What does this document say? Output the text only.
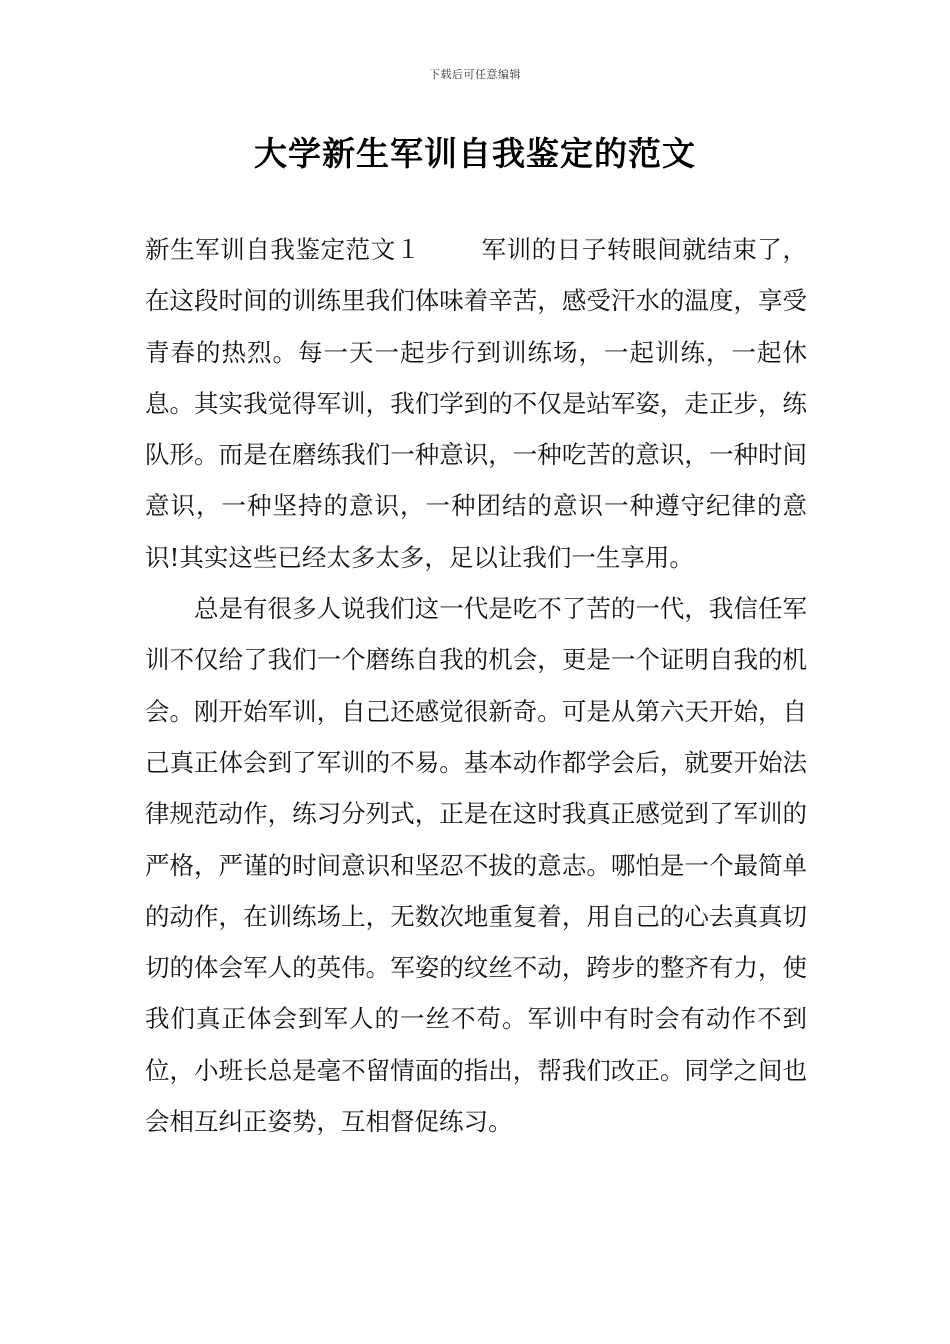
下载后可任意编辑
大学新生军训自我鉴定的范文

新生军训自我鉴定范文１ 军训的日子转眼间就结束了，在这段时间的训练里我们体味着辛苦，感受汗水的温度，享受青春的热烈。每一天一起步行到训练场，一起训练，一起休息。其实我觉得军训，我们学到的不仅是站军姿，走正步，练队形。而是在磨练我们一种意识，一种吃苦的意识，一种时间意识，一种坚持的意识，一种团结的意识一种遵守纪律的意识!其实这些已经太多太多，足以让我们一生享用。

总是有很多人说我们这一代是吃不了苦的一代，我信任军训不仅给了我们一个磨练自我的机会，更是一个证明自我的机会。刚开始军训，自己还感觉很新奇。可是从第六天开始，自己真正体会到了军训的不易。基本动作都学会后，就要开始法律规范动作，练习分列式，正是在这时我真正感觉到了军训的严格，严谨的时间意识和坚忍不拔的意志。哪怕是一个最简单的动作，在训练场上，无数次地重复着，用自己的心去真真切切的体会军人的英伟。军姿的纹丝不动，跨步的整齐有力，使我们真正体会到军人的一丝不苟。军训中有时会有动作不到位，小班长总是毫不留情面的指出，帮我们改正。同学之间也会相互纠正姿势，互相督促练习。
